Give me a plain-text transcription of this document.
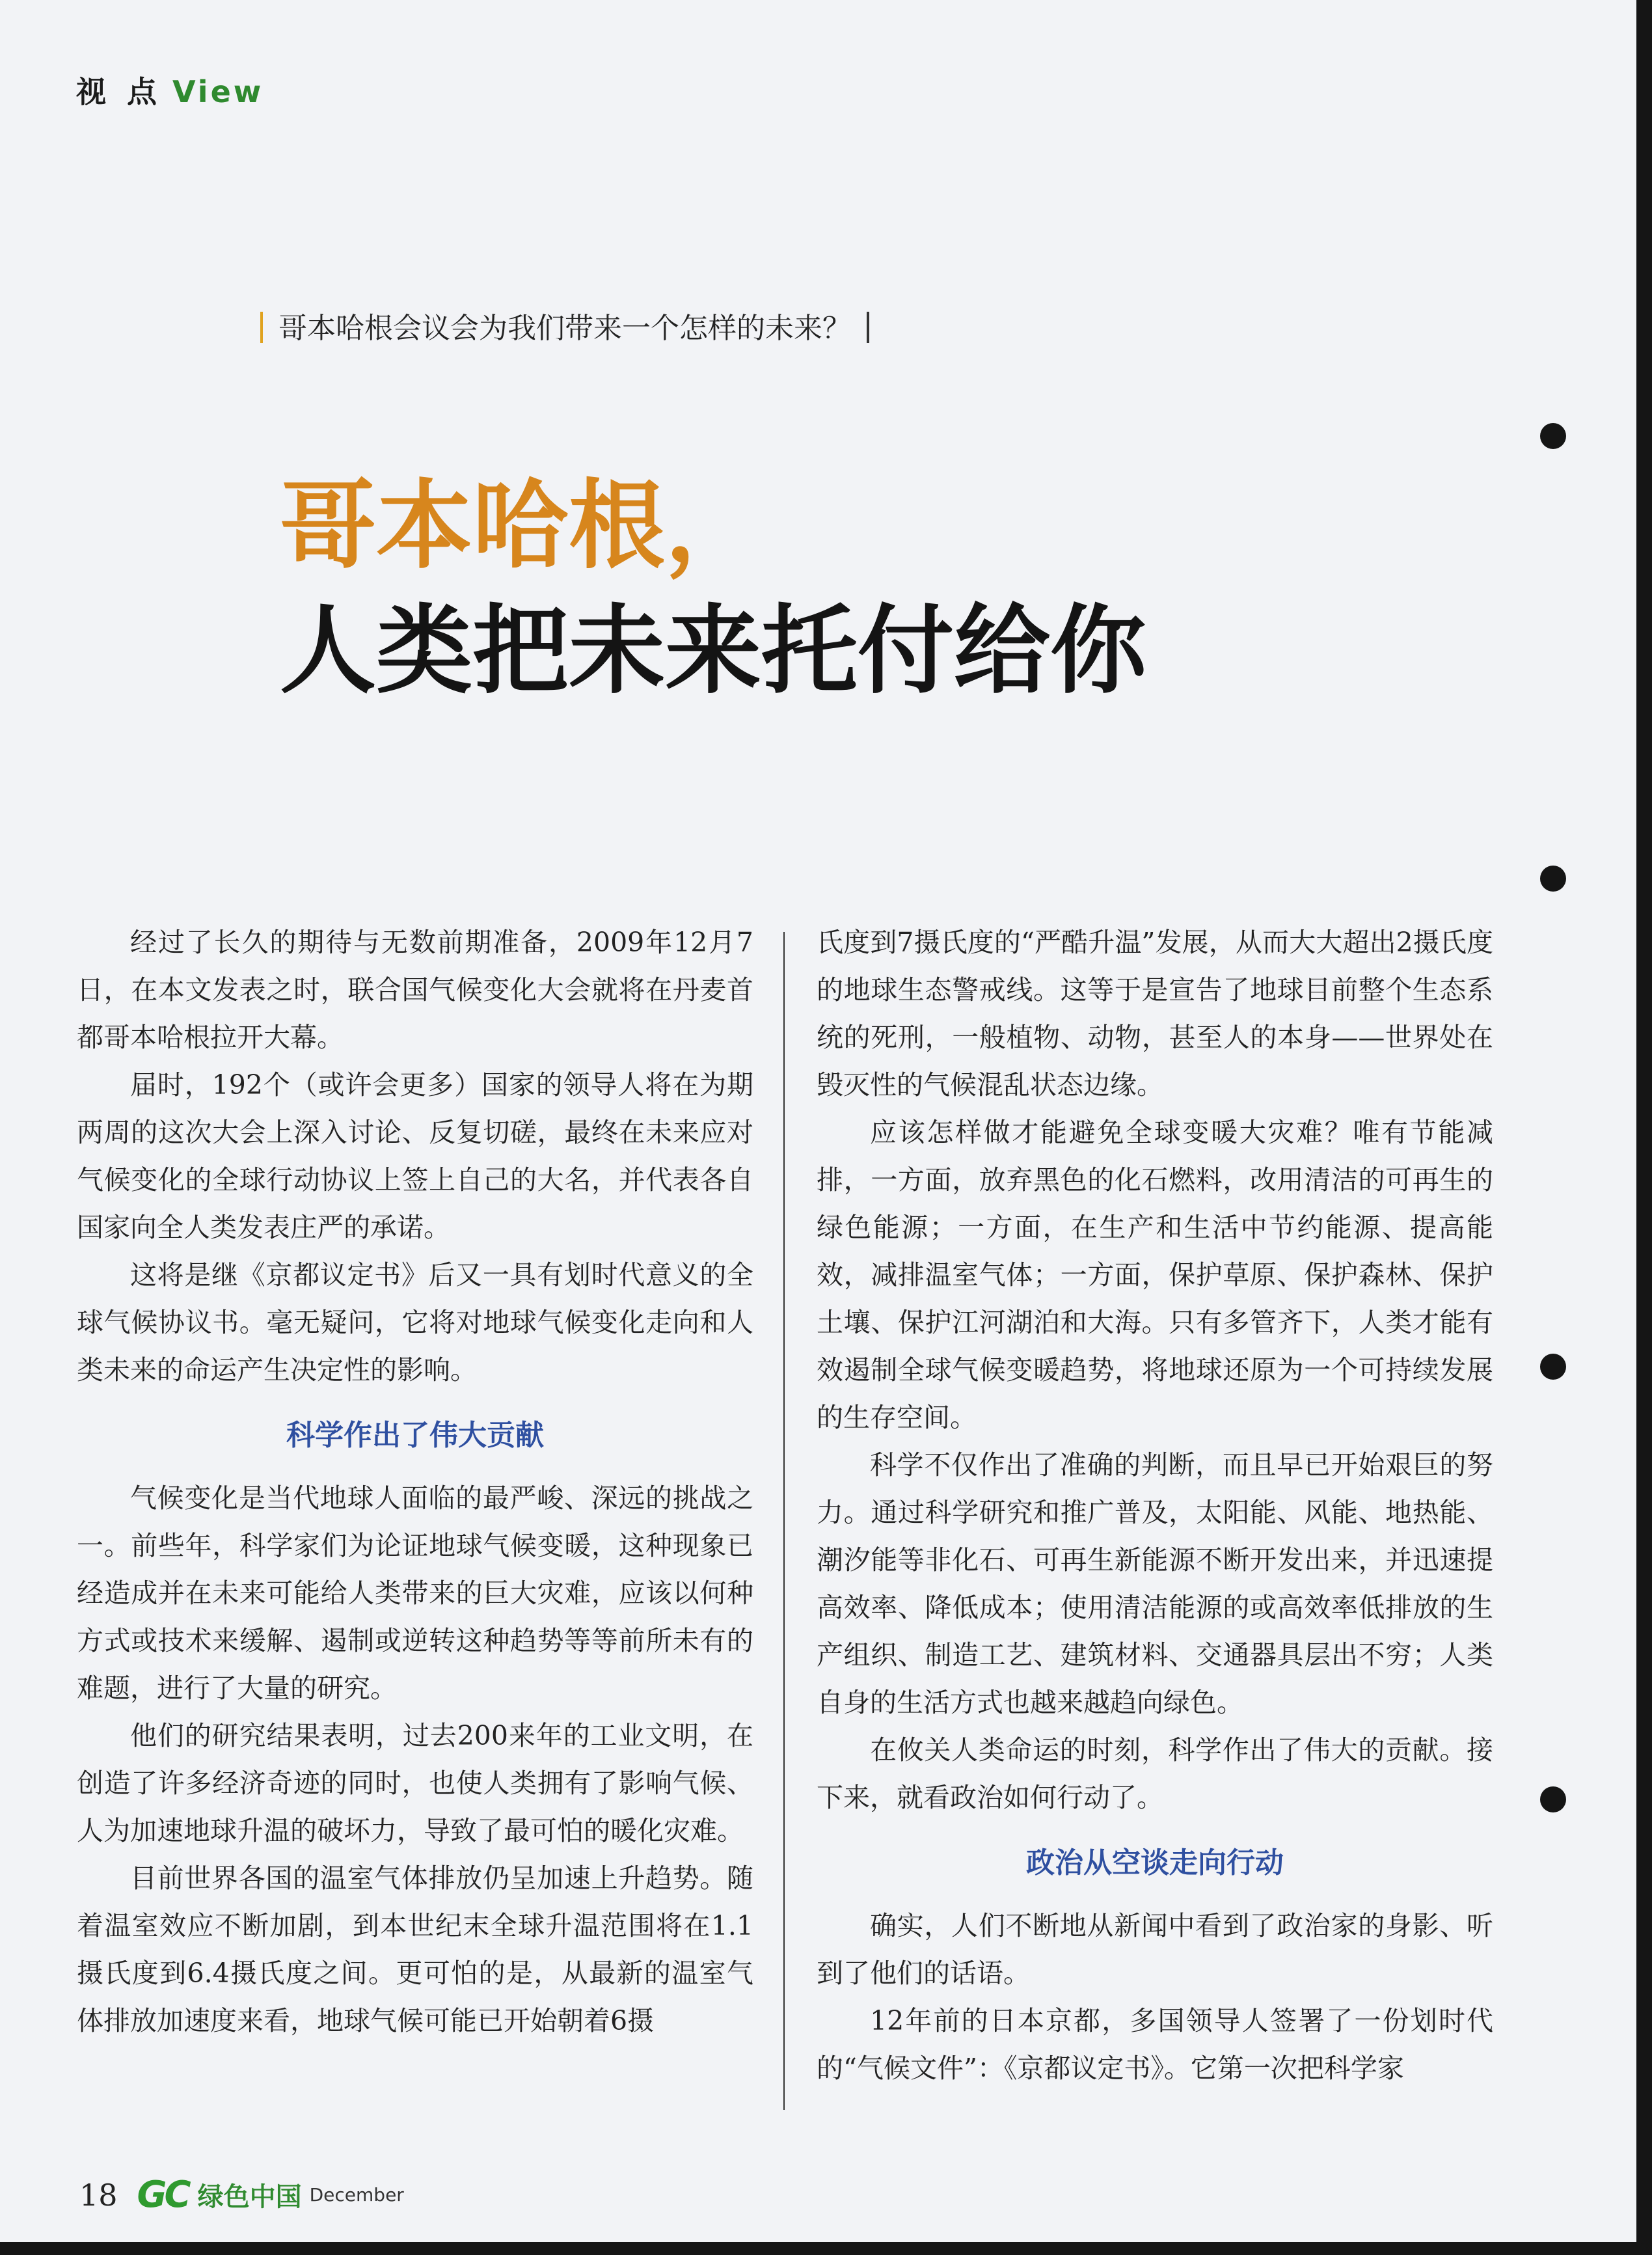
视 点 View
哥本哈根会议会为我们带来一个怎样的未来？
哥本哈根，
人类把未来托付给你

经过了长久的期待与无数前期准备，2009年12月7日，在本文发表之时，联合国气候变化大会就将在丹麦首都哥本哈根拉开大幕。

届时，192个（或许会更多）国家的领导人将在为期两周的这次大会上深入讨论、反复切磋，最终在未来应对气候变化的全球行动协议上签上自己的大名，并代表各自国家向全人类发表庄严的承诺。

这将是继《京都议定书》后又一具有划时代意义的全球气候协议书。毫无疑问，它将对地球气候变化走向和人类未来的命运产生决定性的影响。

科学作出了伟大贡献

气候变化是当代地球人面临的最严峻、深远的挑战之一。前些年，科学家们为论证地球气候变暖，这种现象已经造成并在未来可能给人类带来的巨大灾难，应该以何种方式或技术来缓解、遏制或逆转这种趋势等等前所未有的难题，进行了大量的研究。

他们的研究结果表明，过去200来年的工业文明，在创造了许多经济奇迹的同时，也使人类拥有了影响气候、人为加速地球升温的破坏力，导致了最可怕的暖化灾难。

目前世界各国的温室气体排放仍呈加速上升趋势。随着温室效应不断加剧，到本世纪末全球升温范围将在1.1摄氏度到6.4摄氏度之间。更可怕的是，从最新的温室气体排放加速度来看，地球气候可能已开始朝着6摄

氏度到7摄氏度的“严酷升温”发展，从而大大超出2摄氏度的地球生态警戒线。这等于是宣告了地球目前整个生态系统的死刑，一般植物、动物，甚至人的本身——世界处在毁灭性的气候混乱状态边缘。

应该怎样做才能避免全球变暖大灾难？唯有节能减排，一方面，放弃黑色的化石燃料，改用清洁的可再生的绿色能源；一方面，在生产和生活中节约能源、提高能效，减排温室气体；一方面，保护草原、保护森林、保护土壤、保护江河湖泊和大海。只有多管齐下，人类才能有效遏制全球气候变暖趋势，将地球还原为一个可持续发展的生存空间。

科学不仅作出了准确的判断，而且早已开始艰巨的努力。通过科学研究和推广普及，太阳能、风能、地热能、潮汐能等非化石、可再生新能源不断开发出来，并迅速提高效率、降低成本；使用清洁能源的或高效率低排放的生产组织、制造工艺、建筑材料、交通器具层出不穷；人类自身的生活方式也越来越趋向绿色。

在攸关人类命运的时刻，科学作出了伟大的贡献。接下来，就看政治如何行动了。

政治从空谈走向行动

确实，人们不断地从新闻中看到了政治家的身影、听到了他们的话语。

12年前的日本京都，多国领导人签署了一份划时代的“气候文件”：《京都议定书》。它第一次把科学家

18 GC 绿色中国 December
